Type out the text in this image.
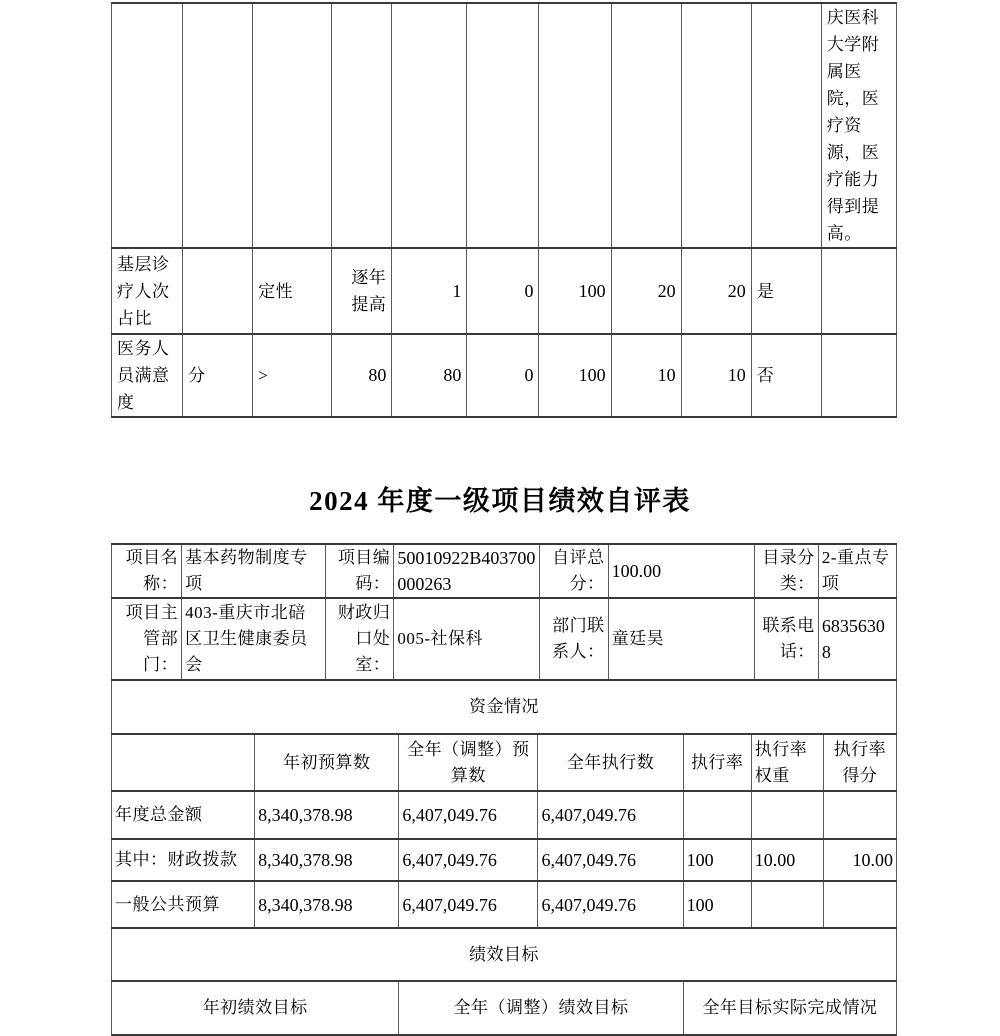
										庆医科大学附属医院，医疗资源，医疗能力得到提高。
基层诊疗人次占比		定性	逐年提高	1	0	100	20	20	是	
医务人员满意度	分	>	80	80	0	100	10	10	否	
2024 年度一级项目绩效自评表
项目名称：	基本药物制度专项		项目编码：	50010922B403700000263			自评总分：	100.00			目录分类：	2-重点专项	
项目主管部门：	403-重庆市北碚区卫生健康委员会		财政归口处室：	005-社保科			部门联系人：	童廷昊			联系电话：	68356308	
资金情况													
		年初预算数			全年（调整）预算数	全年执行数			执行率	执行率权重			执行率得分
年度总金额		8,340,378.98			6,407,049.76	6,407,049.76							
其中：财政拨款		8,340,378.98			6,407,049.76	6,407,049.76			100	10.00			10.00
一般公共预算		8,340,378.98			6,407,049.76	6,407,049.76			100				
绩效目标													
年初绩效目标					全年（调整）绩效目标				全年目标实际完成情况				
